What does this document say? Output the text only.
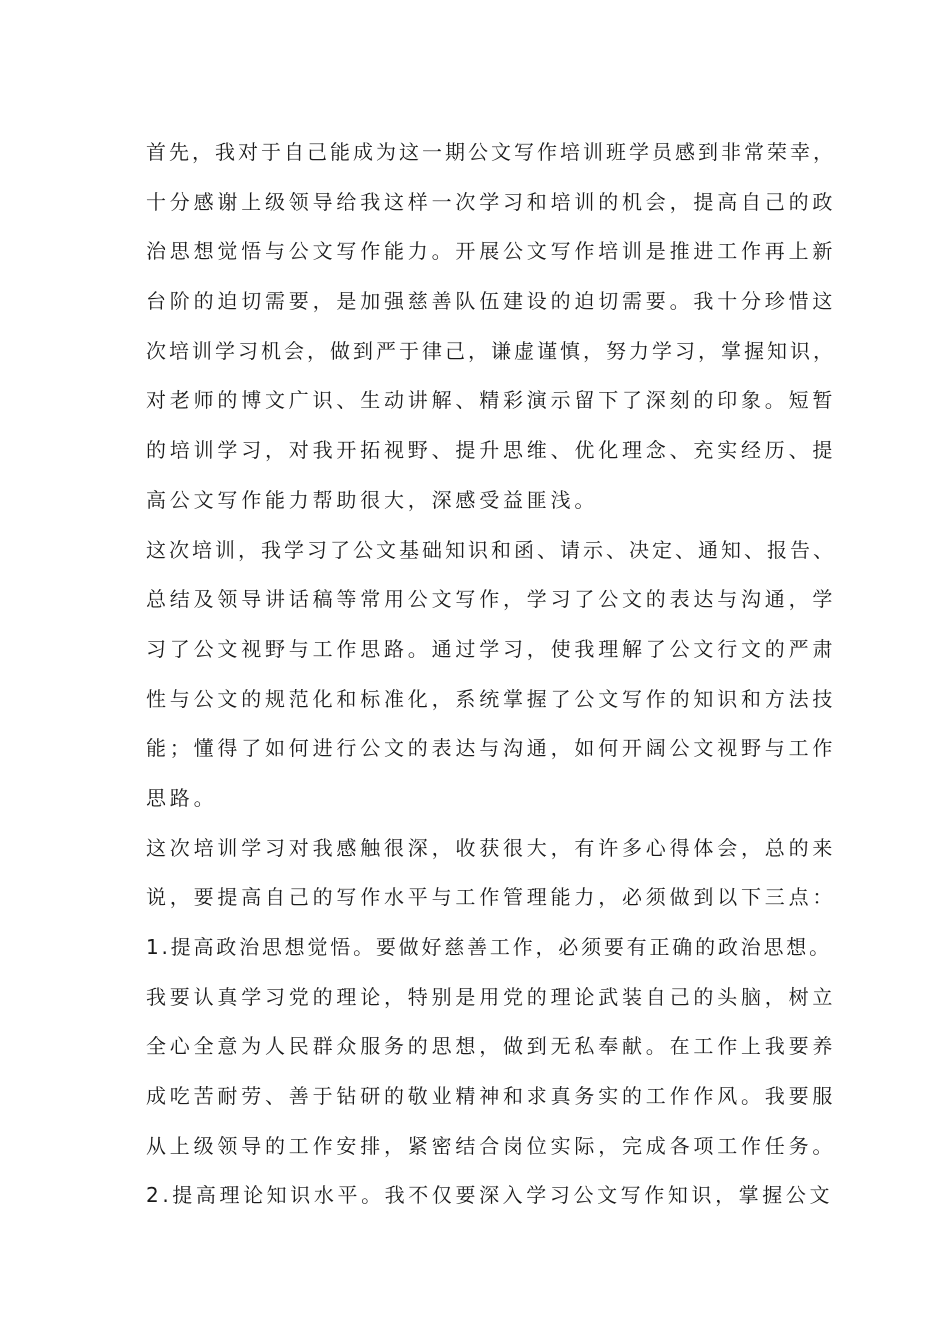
首先，我对于自己能成为这一期公文写作培训班学员感到非常荣幸，
十分感谢上级领导给我这样一次学习和培训的机会，提高自己的政
治思想觉悟与公文写作能力。开展公文写作培训是推进工作再上新
台阶的迫切需要，是加强慈善队伍建设的迫切需要。我十分珍惜这
次培训学习机会，做到严于律己，谦虚谨慎，努力学习，掌握知识，
对老师的博文广识、生动讲解、精彩演示留下了深刻的印象。短暂
的培训学习，对我开拓视野、提升思维、优化理念、充实经历、提
高公文写作能力帮助很大，深感受益匪浅。
这次培训，我学习了公文基础知识和函、请示、决定、通知、报告、
总结及领导讲话稿等常用公文写作，学习了公文的表达与沟通，学
习了公文视野与工作思路。通过学习，使我理解了公文行文的严肃
性与公文的规范化和标准化，系统掌握了公文写作的知识和方法技
能；懂得了如何进行公文的表达与沟通，如何开阔公文视野与工作
思路。
这次培训学习对我感触很深，收获很大，有许多心得体会，总的来
说，要提高自己的写作水平与工作管理能力，必须做到以下三点：
1.提高政治思想觉悟。要做好慈善工作，必须要有正确的政治思想。
我要认真学习党的理论，特别是用党的理论武装自己的头脑，树立
全心全意为人民群众服务的思想，做到无私奉献。在工作上我要养
成吃苦耐劳、善于钻研的敬业精神和求真务实的工作作风。我要服
从上级领导的工作安排，紧密结合岗位实际，完成各项工作任务。
2.提高理论知识水平。我不仅要深入学习公文写作知识，掌握公文
